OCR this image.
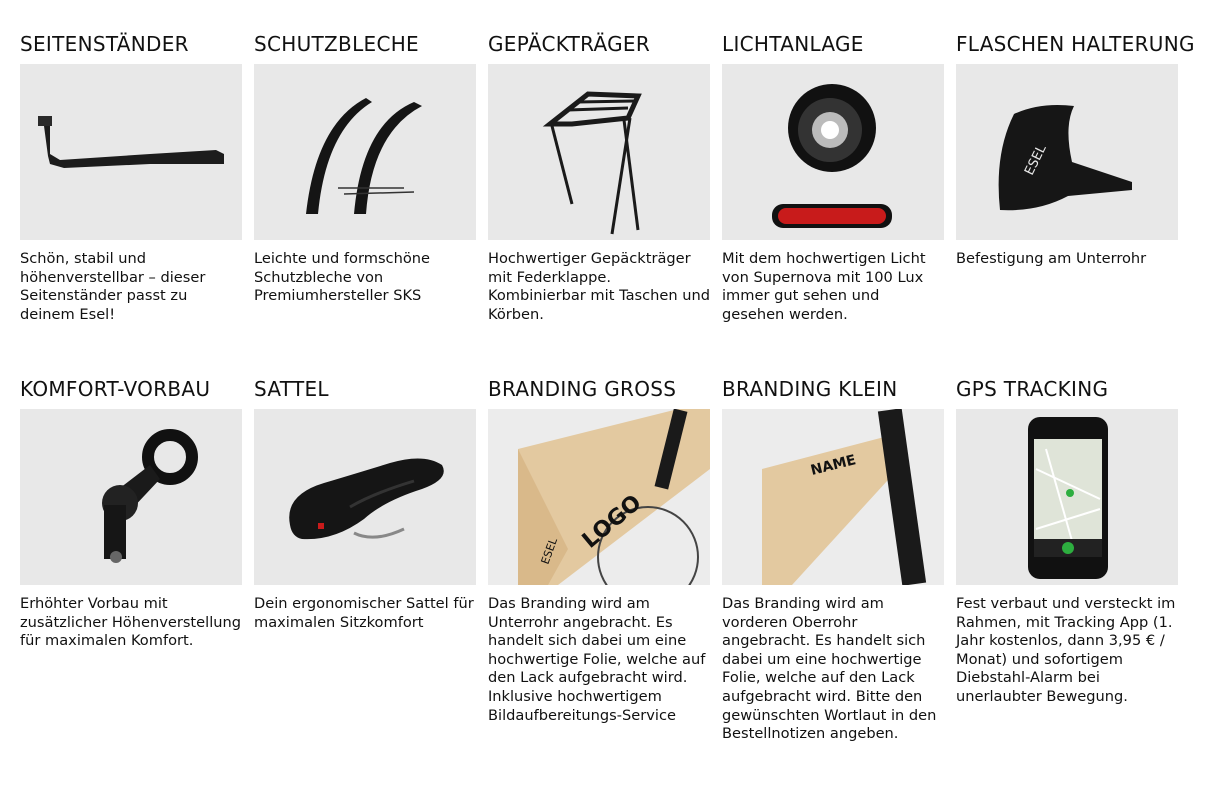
SEITENSTÄNDER

Schön, stabil und höhenverstellbar – dieser Seitenständer passt zu deinem Esel!

SCHUTZBLECHE

Leichte und formschöne Schutzbleche von Premiumhersteller SKS

GEPÄCKTRÄGER

Hochwertiger Gepäckträger mit Federklappe. Kombinierbar mit Taschen und Körben.

LICHTANLAGE

Mit dem hochwertigen Licht von Supernova mit 100 Lux immer gut sehen und gesehen werden.

FLASCHEN HALTERUNG
ESEL

Befestigung am Unterrohr

KOMFORT-VORBAU

Erhöhter Vorbau mit zusätzlicher Höhenverstellung für maximalen Komfort.

SATTEL

Dein ergonomischer Sattel für maximalen Sitzkomfort

BRANDING GROSS
LOGO
ESEL

Das Branding wird am Unterrohr angebracht. Es handelt sich dabei um eine hochwertige Folie, welche auf den Lack aufgebracht wird. Inklusive hochwertigem Bildaufbereitungs-Service

BRANDING KLEIN
NAME

Das Branding wird am vorderen Oberrohr angebracht. Es handelt sich dabei um eine hochwertige Folie, welche auf den Lack aufgebracht wird. Bitte den gewünschten Wortlaut in den Bestellnotizen angeben.

GPS TRACKING

Fest verbaut und versteckt im Rahmen, mit Tracking App (1. Jahr kostenlos, dann 3,95 € / Monat) und sofortigem Diebstahl-Alarm bei unerlaubter Bewegung.
